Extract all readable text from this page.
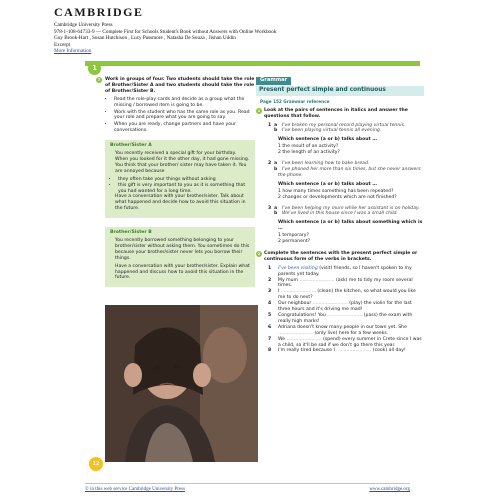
CAMBRIDGE
Cambridge University Press
978-1-108-64733-9 — Complete First for Schools Student's Book without Answers with Online Workbook
Guy Brook-Hart , Susan Hutchison , Lucy Passmore , Natasha De Souza , Jishan Uddin
Excerpt
More Information
1
7	Work in groups of four. Two students should take the role of Brother/Sister A and two students should take the role of Brother/Sister B.
• Read the role-play cards and decide as a group what the missing / borrowed item is going to be.
• Work with the student who has the same role as you. Read your role and prepare what you are going to say.
• When you are ready, change partners and have your conversations.
Brother/Sister A

You recently received a special gift for your birthday. When you looked for it the other day, it had gone missing. You think that your brother/ sister may have taken it. You are annoyed because

• they often take your things without asking
• this gift is very important to you as it is something that you had wanted for a long time.

Have a conversation with your brother/sister. Talk about what happened and decide how to avoid this situation in the future.

Brother/Sister B

You recently borrowed something belonging to your brother/sister without asking them. You sometimes do this because your brother/sister never lets you borrow their things.

Have a conversation with your brother/sister. Explain what happened and discuss how to avoid this situation in the future.

Grammar
Present perfect simple and continuous
Page 152 Grammar reference
1 Look at the pairs of sentences in italics and answer the questions that follow.
1 a I've broken my personal record playing virtual tennis.
b I've been playing virtual tennis all evening.
Which sentence (a or b) talks about …
1 the result of an activity?
2 the length of an activity?
2 a I've been learning how to bake bread.
b I've phoned her more than six times, but she never answers the phone.
Which sentence (a or b) talks about …
1 how many times something has been repeated?
2 changes or developments which are not finished?
3 a I've been helping my mum while her assistant is on holiday.
b We've lived in this house since I was a small child.
Which sentence (a or b) talks about something which is …
1 temporary?
2 permanent?
2 Complete the sentences with the present perfect simple or continuous form of the verbs in brackets.
1 I've been visiting (visit) friends, so I haven't spoken to my parents yet today.
2 My mum ........................ (ask) me to tidy my room several times.
3 I ........................ (clean) the kitchen, so what would you like me to do next?
4 Our neighbour ........................ (play) the violin for the last three hours and it's driving me mad!
5 Congratulations! You ........................ (pass) the exam with really high marks!
6 Adriana doesn't know many people in our town yet. She ........................ (only live) here for a few weeks.
7 We ........................ (spend) every summer in Crete since I was a child, so it'll be sad if we don't go there this year.
8 I'm really tired because I ........................ (cook) all day!
12
© in this web service Cambridge University Press	www.cambridge.org
